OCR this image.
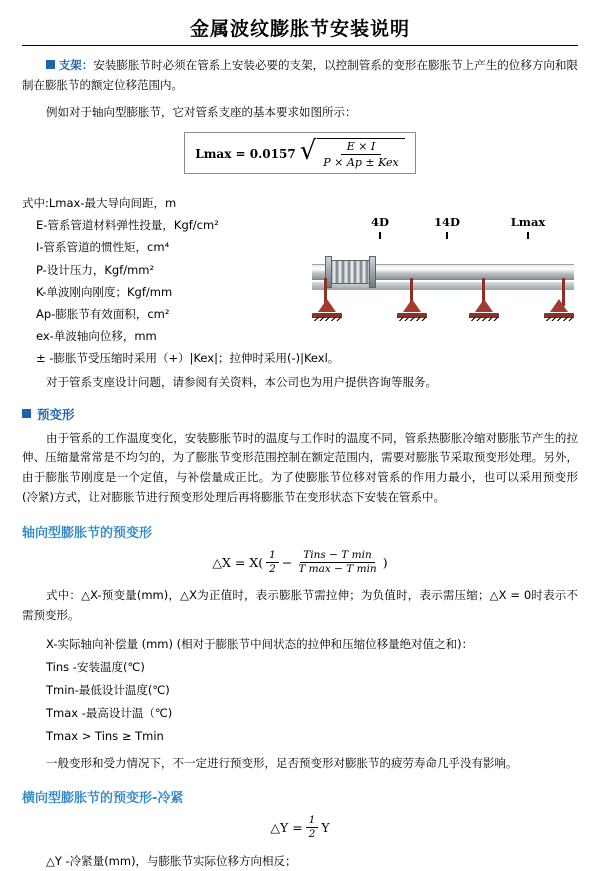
金属波纹膨胀节安装说明

支架：安装膨胀节时必须在管系上安装必要的支架，以控制管系的变形在膨胀节上产生的位移方向和限制在膨胀节的额定位移范围内。

例如对于轴向型膨胀节，它对管系支座的基本要求如图所示：

Lmax = 0.0157 √ $\frac{E \times I}{\text{P × Ap ± Kex}}$
式中:Lmax-最大导向间距，m
E-管系管道材料弹性投量，Kgf/cm²
I-管系管道的惯性矩，cm⁴
P-设计压力，Kgf/mm²
K-单波刚向刚度；Kgf/mm
Ap-膨胀节有效面积，cm²
ex-单波轴向位移，mm
± -膨胀节受压缩时采用（+）|Kex|；拉伸时采用(-)|Kexl。
4D	14D	Lmax

对于管系支座设计问题，请参阅有关资料，本公司也为用户提供咨询等服务。

预变形

由于管系的工作温度变化，安装膨胀节时的温度与工作时的温度不同，管系热膨胀冷缩对膨胀节产生的拉伸、压缩量常常是不均匀的，为了膨胀节变形范围控制在额定范围内，需要对膨胀节采取预变形处理。另外，由于膨胀节刚度是一个定值，与补偿量成正比。为了使膨胀节位移对管系的作用力最小，也可以采用预变形(冷紧)方式，让对膨胀节进行预变形处理后再将膨胀节在变形状态下安装在管系中。

轴向型膨胀节的预变形
△X = $X( \frac{1}{2} - \frac{\text{Tins − T min}}{\text{T max − T min}}$ )

式中：△X-预变量(mm)，△X为正值时，表示膨胀节需拉伸；为负值时，表示需压缩；△X = 0时表示不需预变形。

X-实际轴向补偿量 (mm) (相对于膨胀节中间状态的拉伸和压缩位移量绝对值之和)：
Tins -安装温度(℃)
Tmin-最低设计温度(℃)
Tmax -最高设计温（℃)
Tmax > Tins ≥ Tmin

一般变形和受力情况下，不一定进行预变形，足否预变形对膨胀节的疲劳寿命几乎没有影响。

横向型膨胀节的预变形-冷紧
△Y = $\frac{1}{2}$ Y

△Y -冷紧量(mm)，与膨胀节实际位移方向相反；
